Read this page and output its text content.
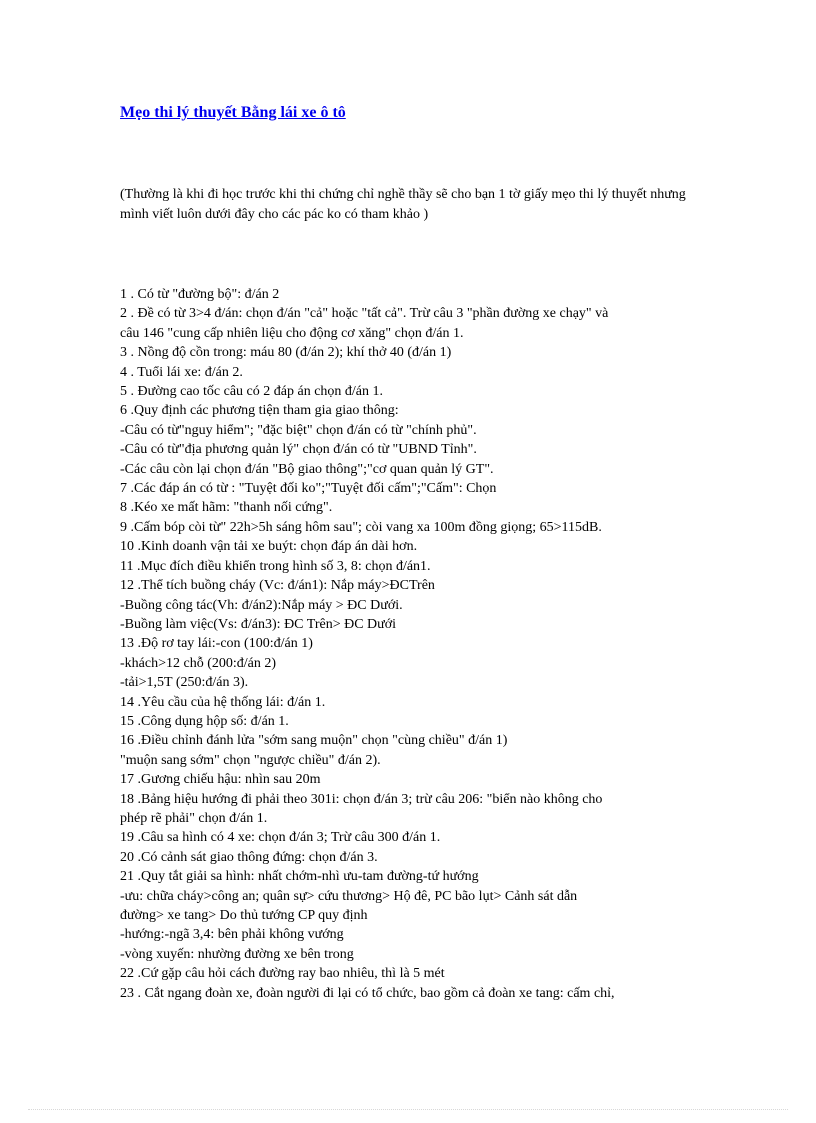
Mẹo thi lý thuyết Bằng lái xe ô tô
(Thường là khi đi học trước khi thi chứng chỉ nghề thầy sẽ cho bạn 1 tờ giấy mẹo thi lý thuyết nhưng mình viết luôn dưới đây cho các pác ko có tham khảo )

1 . Có từ "đường bộ": đ/án 2

2 . Đề có từ 3>4 đ/án: chọn đ/án "cả" hoặc "tất cả". Trừ câu 3 "phần đường xe chạy" và

câu 146 "cung cấp nhiên liệu cho động cơ xăng" chọn đ/án 1.

3 . Nồng độ cồn trong: máu 80 (đ/án 2); khí thở 40 (đ/án 1)

4 . Tuổi lái xe: đ/án 2.

5 . Đường cao tốc câu có 2 đáp án chọn đ/án 1.

6 .Quy định các phương tiện tham gia giao thông:

-Câu có từ"nguy hiểm"; "đặc biệt" chọn đ/án có từ "chính phủ".

-Câu có từ"địa phương quản lý" chọn đ/án có từ "UBND Tỉnh".

-Các câu còn lại chọn đ/án "Bộ giao thông";"cơ quan quản lý GT".

7 .Các đáp án có từ : "Tuyệt đối ko";"Tuyệt đối cấm";"Cấm": Chọn

8 .Kéo xe mất hãm: "thanh nối cứng".

9 .Cấm bóp còi từ" 22h>5h sáng hôm sau"; còi vang xa 100m đồng giọng; 65>115dB.

10 .Kinh doanh vận tải xe buýt: chọn đáp án dài hơn.

11 .Mục đích điều khiển trong hình số 3, 8: chọn đ/án1.

12 .Thể tích buồng cháy (Vc: đ/án1): Nắp máy>ĐCTrên

-Buồng công tác(Vh: đ/án2):Nắp máy > ĐC Dưới.

-Buồng làm việc(Vs: đ/án3): ĐC Trên> ĐC Dưới

13 .Độ rơ tay lái:-con (100:đ/án 1)

-khách>12 chỗ (200:đ/án 2)

-tải>1,5T (250:đ/án 3).

14 .Yêu cầu của hệ thống lái: đ/án 1.

15 .Công dụng hộp số: đ/án 1.

16 .Điều chỉnh đánh lửa "sớm sang muộn" chọn "cùng chiều" đ/án 1)

"muộn sang sớm" chọn "ngược chiều" đ/án 2).

17 .Gương chiếu hậu: nhìn sau 20m

18 .Bảng hiệu hướng đi phải theo 301i: chọn đ/án 3; trừ câu 206: "biển nào không cho

phép rẽ phải" chọn đ/án 1.

19 .Câu sa hình có 4 xe: chọn đ/án 3; Trừ câu 300 đ/án 1.

20 .Có cảnh sát giao thông đứng: chọn đ/án 3.

21 .Quy tắt giải sa hình: nhất chớm-nhì ưu-tam đường-tứ hướng

-ưu: chữa cháy>công an; quân sự> cứu thương> Hộ đê, PC bão lụt> Cảnh sát dẫn

đường> xe tang> Do thủ tướng CP quy định

-hướng:-ngã 3,4: bên phải không vướng

-vòng xuyến: nhường đường xe bên trong

22 .Cứ gặp câu hỏi cách đường ray bao nhiêu, thì là 5 mét

23 . Cắt ngang đoàn xe, đoàn người đi lại có tổ chức, bao gồm cả đoàn xe tang: cấm chỉ,
